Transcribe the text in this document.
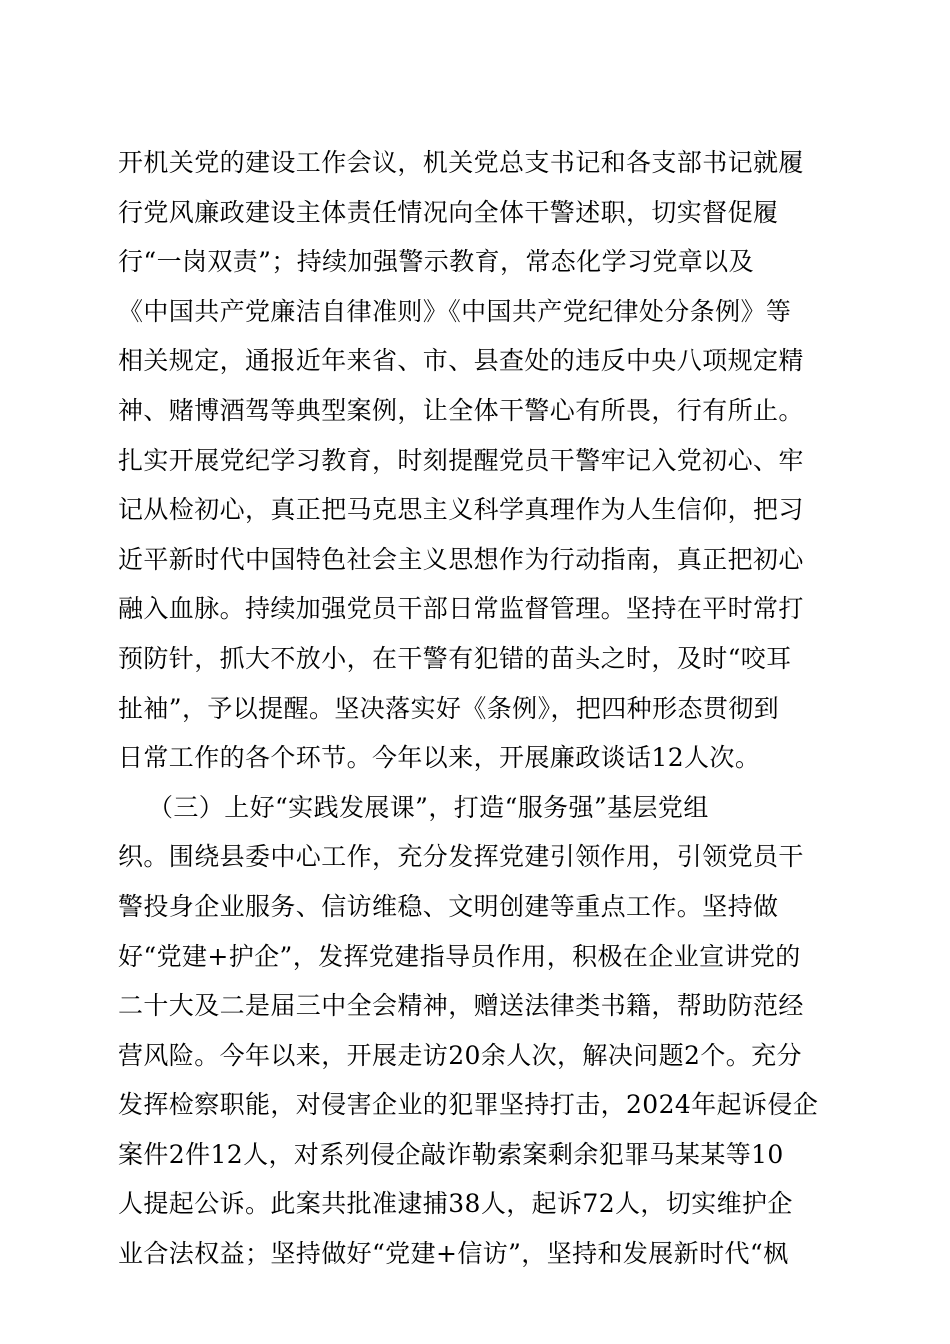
开机关党的建设工作会议，机关党总支书记和各支部书记就履
行党风廉政建设主体责任情况向全体干警述职，切实督促履
行“一岗双责”；持续加强警示教育，常态化学习党章以及
《中国共产党廉洁自律准则》《中国共产党纪律处分条例》等
相关规定，通报近年来省、市、县查处的违反中央八项规定精
神、赌博酒驾等典型案例，让全体干警心有所畏，行有所止。
扎实开展党纪学习教育，时刻提醒党员干警牢记入党初心、牢
记从检初心，真正把马克思主义科学真理作为人生信仰，把习
近平新时代中国特色社会主义思想作为行动指南，真正把初心
融入血脉。持续加强党员干部日常监督管理。坚持在平时常打
预防针，抓大不放小，在干警有犯错的苗头之时，及时“咬耳
扯袖”，予以提醒。坚决落实好《条例》，把四种形态贯彻到
日常工作的各个环节。今年以来，开展廉政谈话12人次。
（三）上好“实践发展课”，打造“服务强”基层党组
织。围绕县委中心工作，充分发挥党建引领作用，引领党员干
警投身企业服务、信访维稳、文明创建等重点工作。坚持做
好“党建+护企”，发挥党建指导员作用，积极在企业宣讲党的
二十大及二是届三中全会精神，赠送法律类书籍，帮助防范经
营风险。今年以来，开展走访20余人次，解决问题2个。充分
发挥检察职能，对侵害企业的犯罪坚持打击，2024年起诉侵企
案件2件12人，对系列侵企敲诈勒索案剩余犯罪马某某等10
人提起公诉。此案共批准逮捕38人，起诉72人，切实维护企
业合法权益；坚持做好“党建+信访”，坚持和发展新时代“枫
